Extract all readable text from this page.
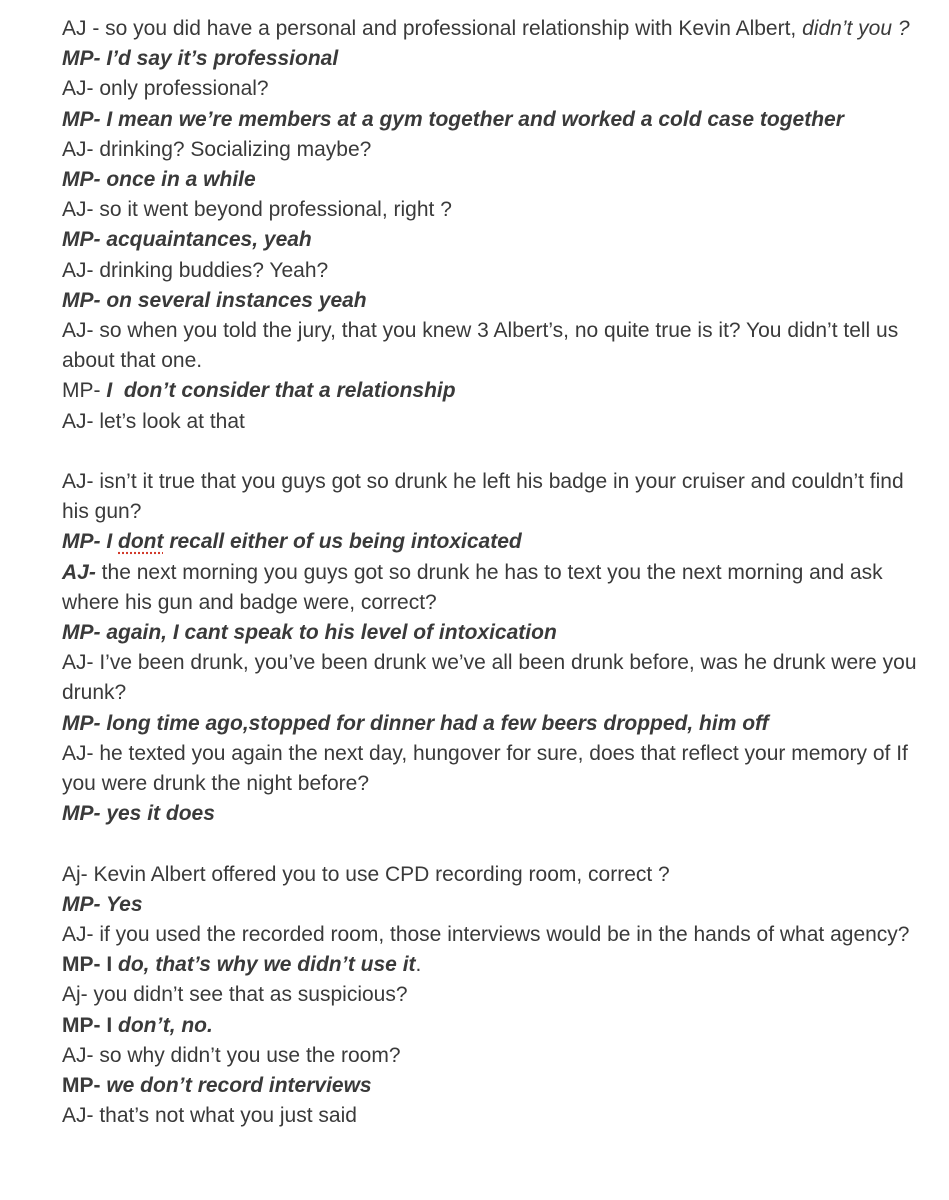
AJ - so you did have a personal and professional relationship with Kevin Albert, didn’t you ?
MP- I’d say it’s professional
AJ- only professional?
MP- I mean we’re members at a gym together and worked a cold case together
AJ- drinking? Socializing maybe?
MP- once in a while
AJ- so it went beyond professional, right ?
MP- acquaintances, yeah
AJ- drinking buddies? Yeah?
MP- on several instances yeah
AJ- so when you told the jury, that you knew 3 Albert’s, no quite true is it? You didn’t tell us about that one.
MP- I  don’t consider that a relationship
AJ- let’s look at that
AJ- isn’t it true that you guys got so drunk he left his badge in your cruiser and couldn’t find his gun?
MP- I dont recall either of us being intoxicated
AJ- the next morning you guys got so drunk he has to text you the next morning and ask where his gun and badge were, correct?
MP- again, I cant speak to his level of intoxication
AJ- I’ve been drunk, you’ve been drunk we’ve all been drunk before, was he drunk were you drunk?
MP- long time ago,stopped for dinner had a few beers dropped, him off
AJ- he texted you again the next day, hungover for sure, does that reflect your memory of If you were drunk the night before?
MP- yes it does
Aj- Kevin Albert offered you to use CPD recording room, correct ?
MP- Yes
AJ- if you used the recorded room, those interviews would be in the hands of what agency?
MP- I do, that’s why we didn’t use it.
Aj- you didn’t see that as suspicious?
MP- I don’t, no.
AJ- so why didn’t you use the room?
MP- we don’t record interviews
AJ- that’s not what you just said
